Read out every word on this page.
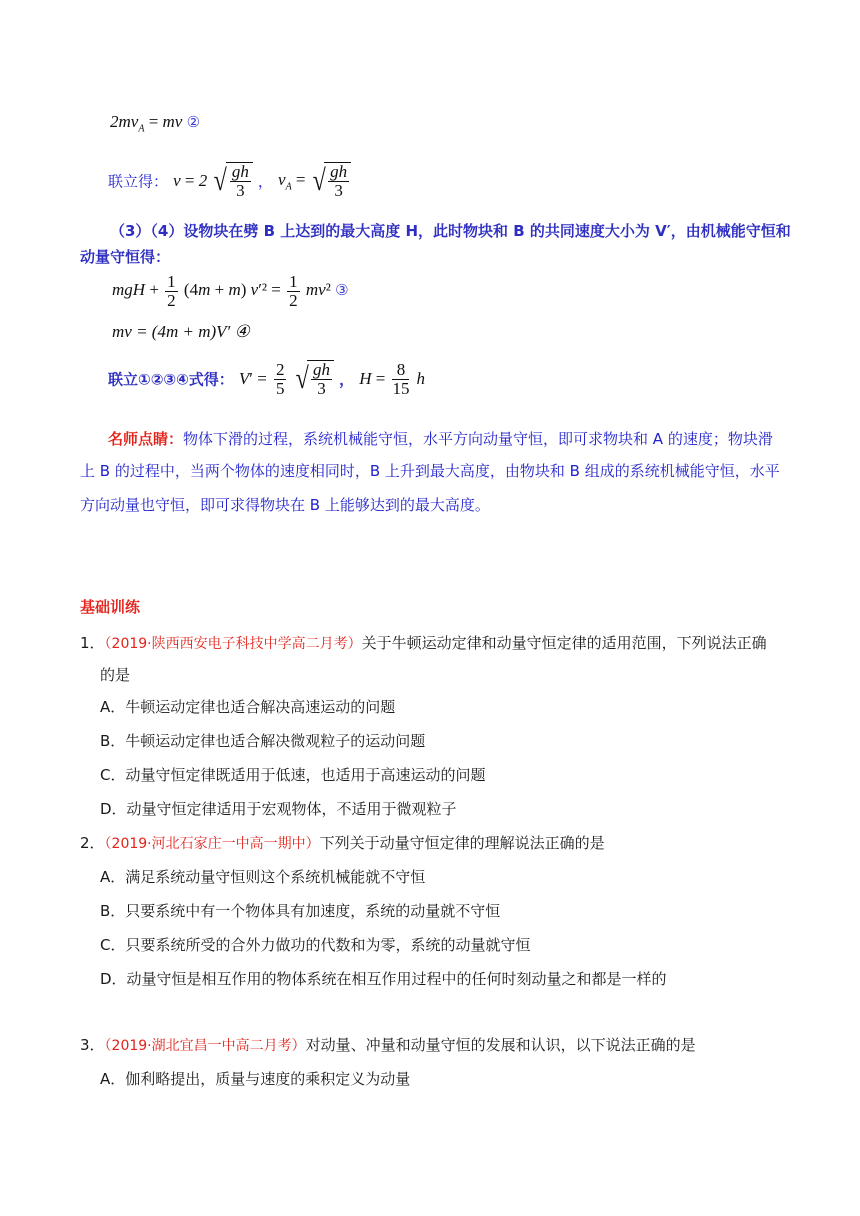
$2mv_A$ = mv ②
联立得： v = 2 √ $\frac{gh}{3}$ ， $v_A$ = √ $\frac{gh}{3}$
（3）（4）设物块在劈 B 上达到的最大高度 H，此时物块和 B 的共同速度大小为 V′，由机械能守恒和
动量守恒得：
mgH + $\frac{1}{2} (4m + m) v'^2 = \frac{1}{2} mv^2$ ③
mv = (4m + m)V′ ④
联立①②③④式得： $V' = \frac{2}{5}$ √ $\frac{gh}{3}$ ， $H = \frac{8}{15}$ h
名师点睛：物体下滑的过程，系统机械能守恒，水平方向动量守恒，即可求物块和 A 的速度；物块滑
上 B 的过程中，当两个物体的速度相同时，B 上升到最大高度，由物块和 B 组成的系统机械能守恒，水平
方向动量也守恒，即可求得物块在 B 上能够达到的最大高度。
基础训练
1．（2019·陕西西安电子科技中学高二月考）关于牛顿运动定律和动量守恒定律的适用范围，下列说法正确
的是
A．牛顿运动定律也适合解决高速运动的问题
B．牛顿运动定律也适合解决微观粒子的运动问题
C．动量守恒定律既适用于低速，也适用于高速运动的问题
D．动量守恒定律适用于宏观物体，不适用于微观粒子
2．（2019·河北石家庄一中高一期中）下列关于动量守恒定律的理解说法正确的是
A．满足系统动量守恒则这个系统机械能就不守恒
B．只要系统中有一个物体具有加速度，系统的动量就不守恒
C．只要系统所受的合外力做功的代数和为零，系统的动量就守恒
D．动量守恒是相互作用的物体系统在相互作用过程中的任何时刻动量之和都是一样的
3．（2019·湖北宜昌一中高二月考）对动量、冲量和动量守恒的发展和认识，以下说法正确的是
A．伽利略提出，质量与速度的乘积定义为动量
